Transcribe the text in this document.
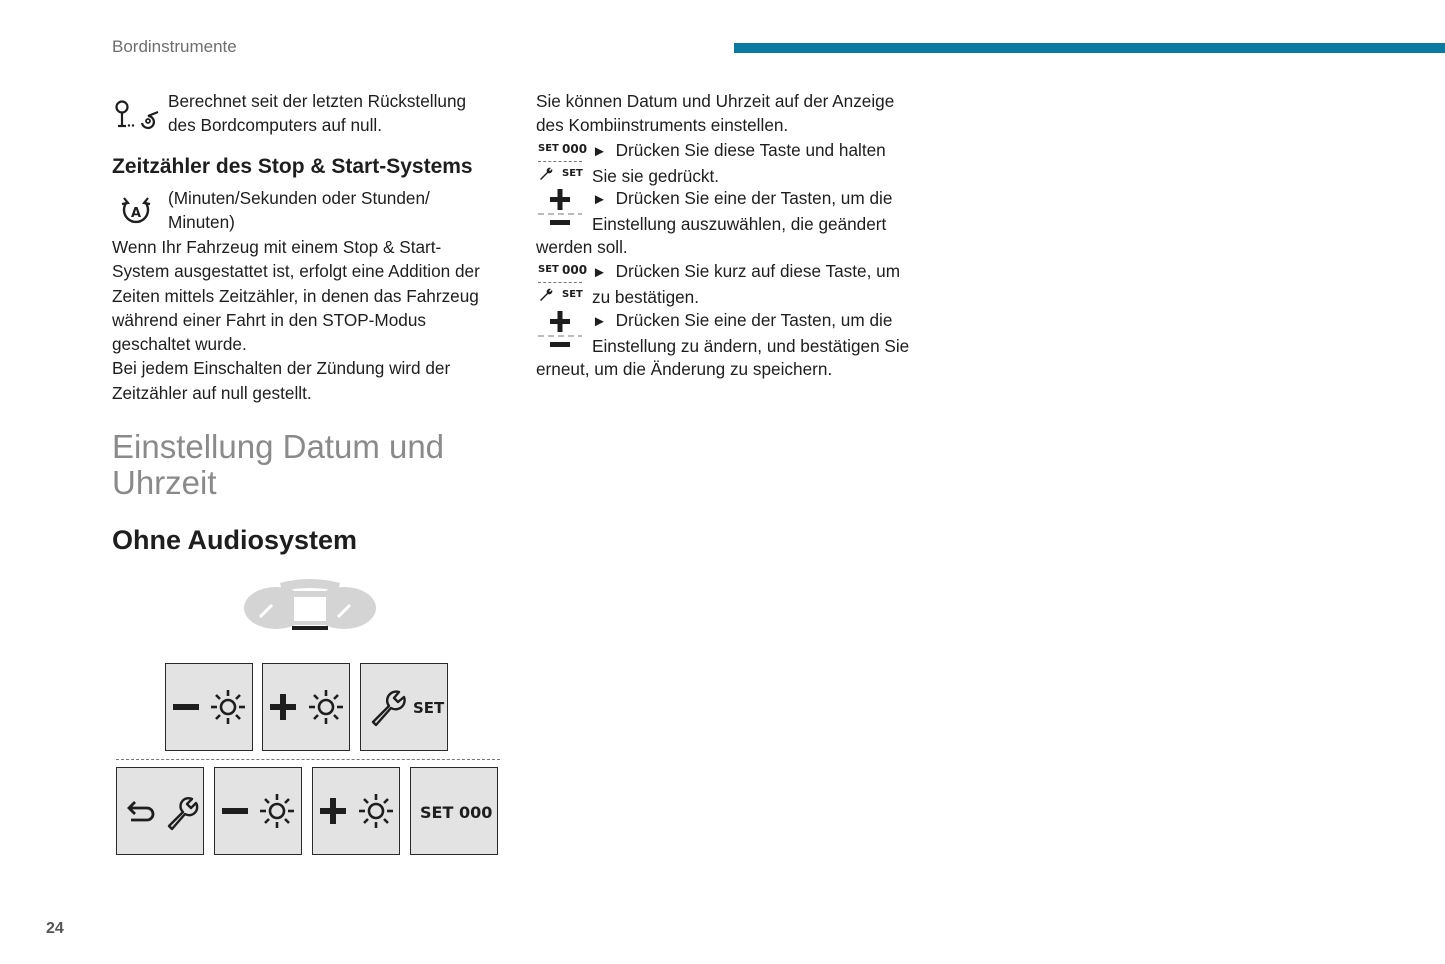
Bordinstrumente
Berechnet seit der letzten Rückstellung
des Bordcomputers auf null.
Zeitzähler des Stop & Start-Systems
A
(Minuten/Sekunden oder Stunden/
Minuten)
Wenn Ihr Fahrzeug mit einem Stop & Start-
System ausgestattet ist, erfolgt eine Addition der
Zeiten mittels Zeitzähler, in denen das Fahrzeug
während einer Fahrt in den STOP-Modus
geschaltet wurde.
Bei jedem Einschalten der Zündung wird der
Zeitzähler auf null gestellt.
Einstellung Datum und
Uhrzeit
Ohne Audiosystem
SET
SET 000
Sie können Datum und Uhrzeit auf der Anzeige
des Kombiinstruments einstellen.
SET 000
SET
► Drücken Sie diese Taste und halten
Sie sie gedrückt.
► Drücken Sie eine der Tasten, um die
Einstellung auszuwählen, die geändert
werden soll.
SET 000
SET
► Drücken Sie kurz auf diese Taste, um
zu bestätigen.
► Drücken Sie eine der Tasten, um die
Einstellung zu ändern, und bestätigen Sie
erneut, um die Änderung zu speichern.
24
